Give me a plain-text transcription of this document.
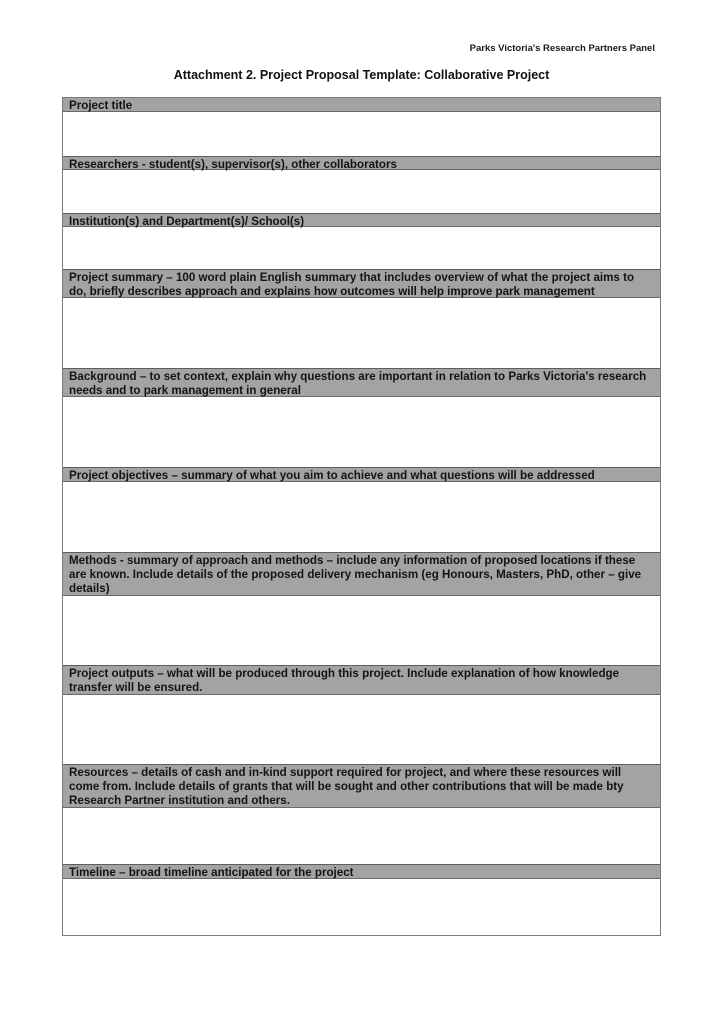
Parks Victoria's Research Partners Panel
Attachment 2. Project Proposal Template: Collaborative Project
Project title
Researchers - student(s), supervisor(s), other collaborators
Institution(s) and Department(s)/ School(s)
Project summary – 100 word plain English summary that includes overview of what the project aims to do, briefly describes approach and explains how outcomes will help improve park management
Background – to set context, explain why questions are important in relation to Parks Victoria's research needs and to park management in general
Project objectives – summary of what you aim to achieve and what questions will be addressed
Methods - summary of approach and methods – include any information of proposed locations if these are known. Include details of the proposed delivery mechanism (eg Honours, Masters, PhD, other – give details)
Project outputs – what will be produced through this project. Include explanation of how knowledge transfer will be ensured.
Resources – details of cash and in-kind support required for project, and where these resources will come from. Include details of grants that will be sought and other contributions that will be made bty Research Partner institution and others.
Timeline – broad timeline anticipated for the project
